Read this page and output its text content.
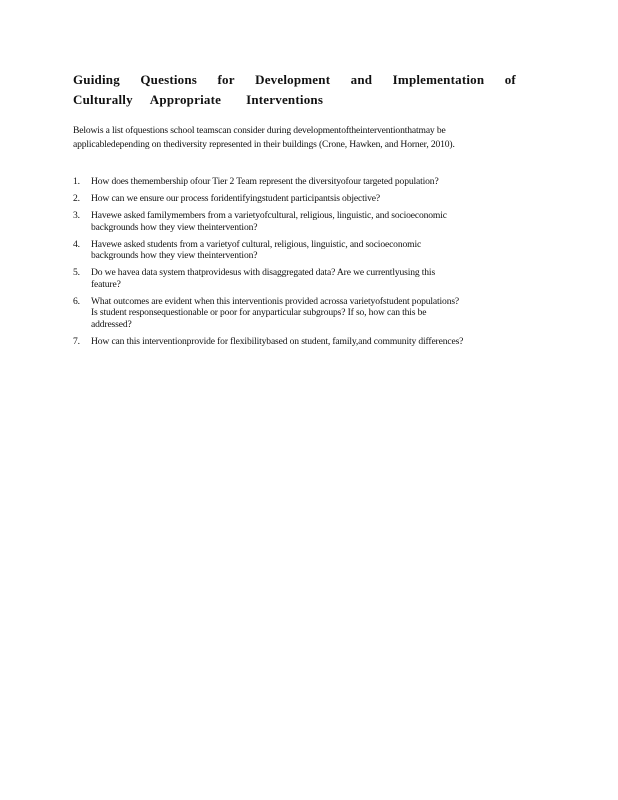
Guiding Questions for Development and Implementation of
Culturally Appropriate Interventions

Belowis a list ofquestions school teamscan consider during developmentoftheinterventionthatmay be
applicabledepending on thediversity represented in their buildings (Crone, Hawken, and Horner, 2010).

1.	How does themembership ofour Tier 2 Team represent the diversityofour targeted population?
2.	How can we ensure our process foridentifyingstudent participantsis objective?
3.	Havewe asked familymembers from a varietyofcultural, religious, linguistic, and socioeconomic
backgrounds how they view theintervention?
4.	Havewe asked students from a varietyof cultural, religious, linguistic, and socioeconomic
backgrounds how they view theintervention?
5.	Do we havea data system thatprovidesus with disaggregated data? Are we currentlyusing this
feature?
6.	What outcomes are evident when this interventionis provided acrossa varietyofstudent populations?
Is student responsequestionable or poor for anyparticular subgroups? If so, how can this be
addressed?
7.	How can this interventionprovide for flexibilitybased on student, family,and community differences?
